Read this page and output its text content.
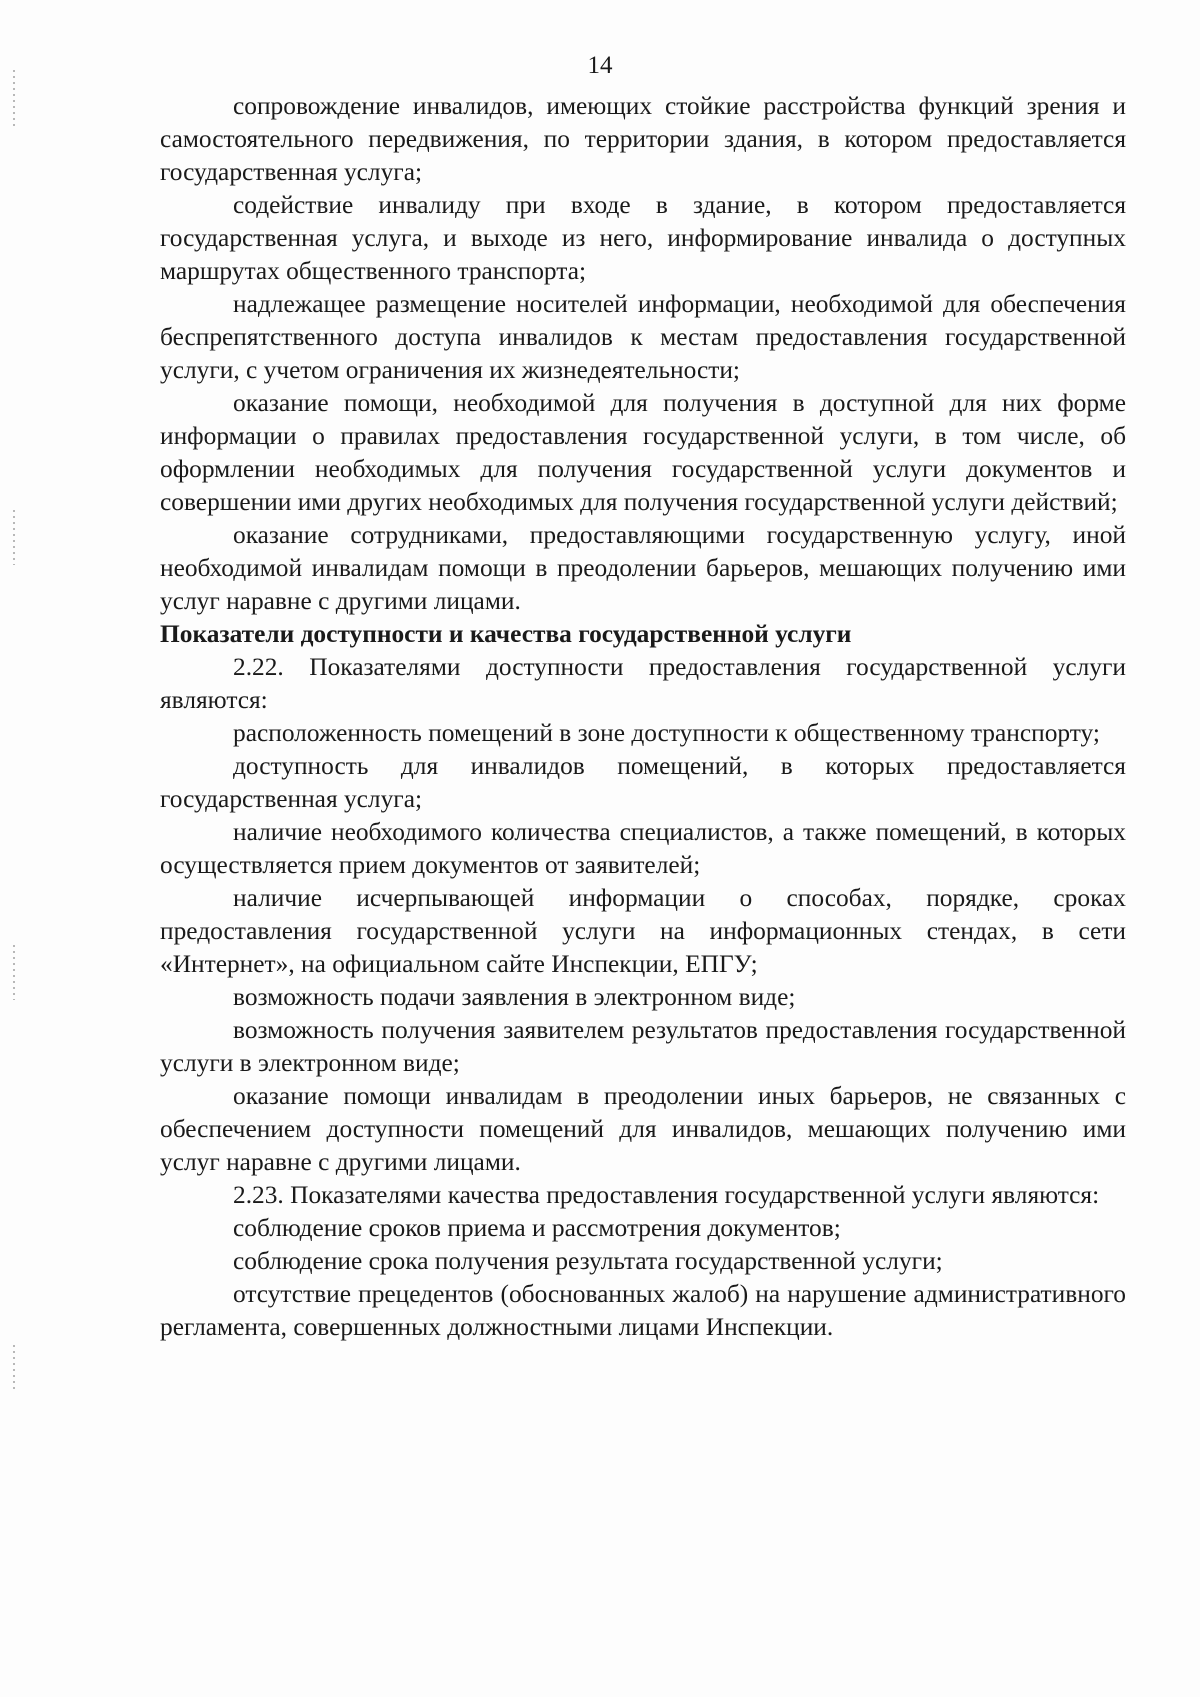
14

сопровождение инвалидов, имеющих стойкие расстройства функций зрения и самостоятельного передвижения, по территории здания, в котором предоставляется государственная услуга;

содействие инвалиду при входе в здание, в котором предоставляется государственная услуга, и выходе из него, информирование инвалида о доступных маршрутах общественного транспорта;

надлежащее размещение носителей информации, необходимой для обеспечения беспрепятственного доступа инвалидов к местам предоставления государственной услуги, с учетом ограничения их жизнедеятельности;

оказание помощи, необходимой для получения в доступной для них форме информации о правилах предоставления государственной услуги, в том числе, об оформлении необходимых для получения государственной услуги документов и совершении ими других необходимых для получения государственной услуги действий;

оказание сотрудниками, предоставляющими государственную услугу, иной необходимой инвалидам помощи в преодолении барьеров, мешающих получению ими услуг наравне с другими лицами.

Показатели доступности и качества государственной услуги

2.22. Показателями доступности предоставления государственной услуги являются:

расположенность помещений в зоне доступности к общественному транспорту;

доступность для инвалидов помещений, в которых предоставляется государственная услуга;

наличие необходимого количества специалистов, а также помещений, в которых осуществляется прием документов от заявителей;

наличие исчерпывающей информации о способах, порядке, сроках предоставления государственной услуги на информационных стендах, в сети «Интернет», на официальном сайте Инспекции, ЕПГУ;

возможность подачи заявления в электронном виде;

возможность получения заявителем результатов предоставления государственной услуги в электронном виде;

оказание помощи инвалидам в преодолении иных барьеров, не связанных с обеспечением доступности помещений для инвалидов, мешающих получению ими услуг наравне с другими лицами.

2.23. Показателями качества предоставления государственной услуги являются:

соблюдение сроков приема и рассмотрения документов;

соблюдение срока получения результата государственной услуги;

отсутствие прецедентов (обоснованных жалоб) на нарушение административного регламента, совершенных должностными лицами Инспекции.
